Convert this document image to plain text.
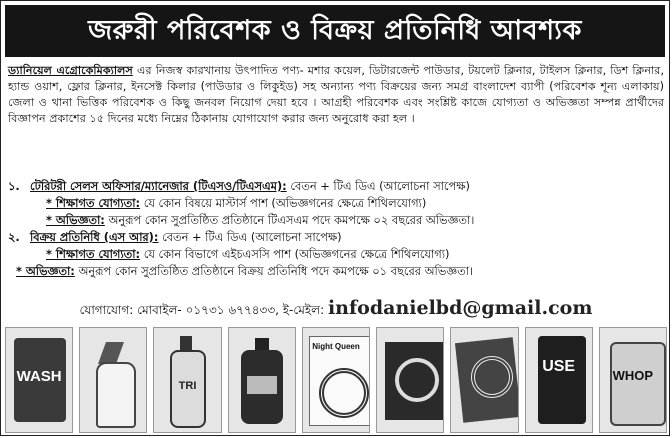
জরুরী পরিবেশক ও বিক্রয় প্রতিনিধি আবশ্যক
ড্যানিয়েল এগ্রোকেমিক্যালস এর নিজস্ব কারখানায় উৎপাদিত পণ্য- মশার কয়েল, ডিটারজেন্ট পাউডার, টয়লেট ক্লিনার, টাইলস ক্লিনার, ডিশ ক্লিনার, হ্যান্ড ওয়াশ, ফ্লোর ক্লিনার, ইনসেক্ট কিলার (পাউডার ও লিকুইড) সহ অন্যান্য পণ্য বিক্রয়ের জন্য সমগ্র বাংলাদেশ ব্যাপী (পরিবেশক শূন্য এলাকায়) জেলা ও থানা ভিত্তিক পরিবেশক ও কিছু জনবল নিয়োগ দেয়া হবে । আগ্রহী পরিবেশক এবং সংশ্লিষ্ট কাজে যোগ্যতা ও অভিজ্ঞতা সম্পন্ন প্রার্থীদের বিজ্ঞাপন প্রকাশের ১৫ দিনের মধ্যে নিম্নের ঠিকানায় যোগাযোগ করার জন্য অনুরোধ করা হল ।
১. টেরিটরী সেলস অফিসার/ম্যানেজার (টিএসও/টিএসএম): বেতন + টিএ ডিএ (আলোচনা সাপেক্ষ)
* শিক্ষাগত যোগ্যতা: যে কোন বিষয়ে মাস্টার্স পাশ (অভিজ্ঞগনের ক্ষেত্রে শিথিলযোগ্য)
* অভিজ্ঞতা: অনুরূপ কোন সুপ্রতিষ্ঠিত প্রতিষ্ঠানে টিএসএম পদে কমপক্ষে ০২ বছরের অভিজ্ঞতা।
২. বিক্রয় প্রতিনিধি (এস আর): বেতন + টিএ ডিএ (আলোচনা সাপেক্ষ)
* শিক্ষাগত যোগ্যতা: যে কোন বিভাগে এইচএসসি পাশ (অভিজ্ঞগনের ক্ষেত্রে শিথিলযোগ্য)
* অভিজ্ঞতা: অনুরূপ কোন সুপ্রতিষ্ঠিত প্রতিষ্ঠানে বিক্রয় প্রতিনিধি পদে কমপক্ষে ০১ বছরের অভিজ্ঞতা।
যোগাযোগ: মোবাইল- ০১৭৩১ ৬৭৭৪৩৩, ই-মেইল: infodanielbd@gmail.com
WASH
TRI
Night Queen
USE
WHOP
